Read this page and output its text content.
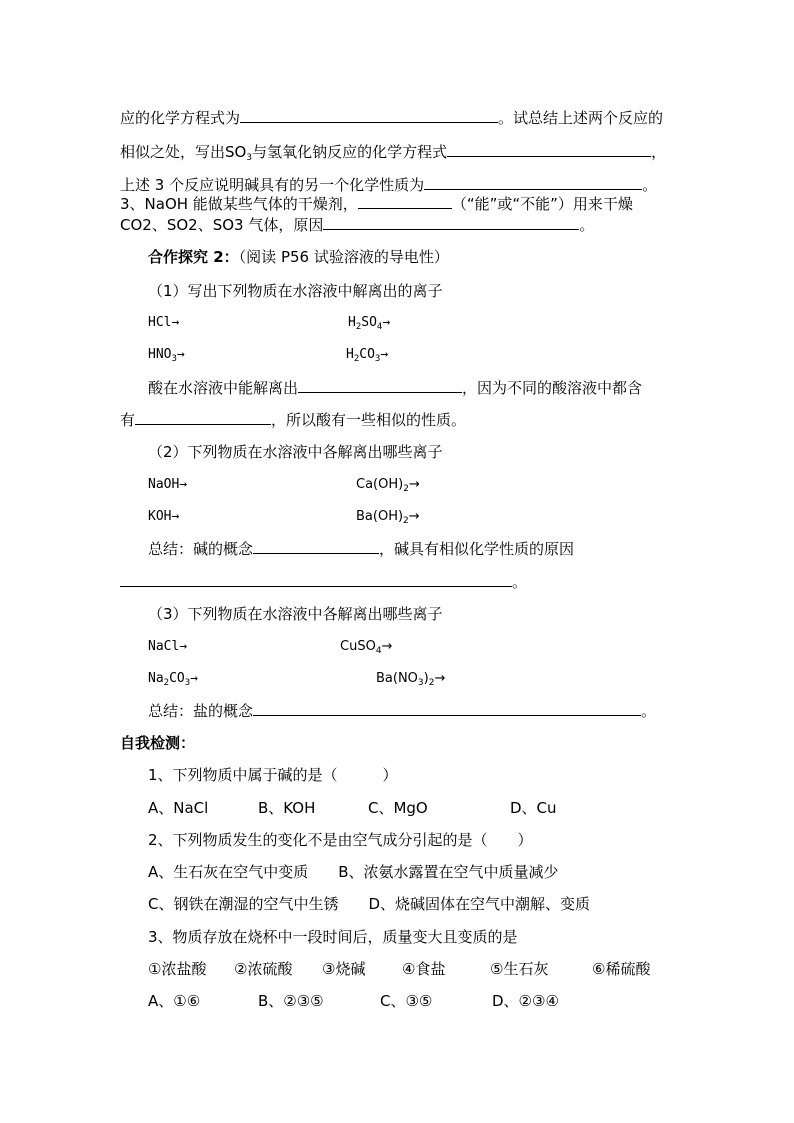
应的化学方程式为	。试总结上述两个反应的
相似之处，写出$SO_3$与氢氧化钠反应的化学方程式	，
上述 3 个反应说明碱具有的另一个化学性质为	。
3、NaOH 能做某些气体的干燥剂，	（“能”或“不能”）用来干燥
CO2、SO2、SO3 气体，原因	。
合作探究 2：（阅读 P56 试验溶液的导电性）
（1）写出下列物质在水溶液中解离出的离子
HCl→	$H_2SO_4\to$
$HNO_3\to$	$H_2CO_3\to$
酸在水溶液中能解离出	，因为不同的酸溶液中都含
有	，所以酸有一些相似的性质。
（2）下列物质在水溶液中各解离出哪些离子
NaOH→	$Ca(OH)_2\to$
KOH→	$Ba(OH)_2\to$
总结：碱的概念	，碱具有相似化学性质的原因
。
（3）下列物质在水溶液中各解离出哪些离子
NaCl→	CuSO$_4$→
$Na_2CO_3\to$	$Ba(NO_3)_2\to$
总结：盐的概念	。
自我检测：
1、下列物质中属于碱的是（　　　）
A、NaCl	B、KOH	C、MgO	D、Cu
2、下列物质发生的变化不是由空气成分引起的是（　　）
A、生石灰在空气中变质　　B、浓氨水露置在空气中质量减少
C、钢铁在潮湿的空气中生锈　　D、烧碱固体在空气中潮解、变质
3、物质存放在烧杯中一段时间后，质量变大且变质的是
①浓盐酸 ②浓硫酸 ③烧碱 ④食盐	⑤生石灰	⑥稀硫酸
A、①⑥	B、②③⑤	C、③⑤	D、②③④
